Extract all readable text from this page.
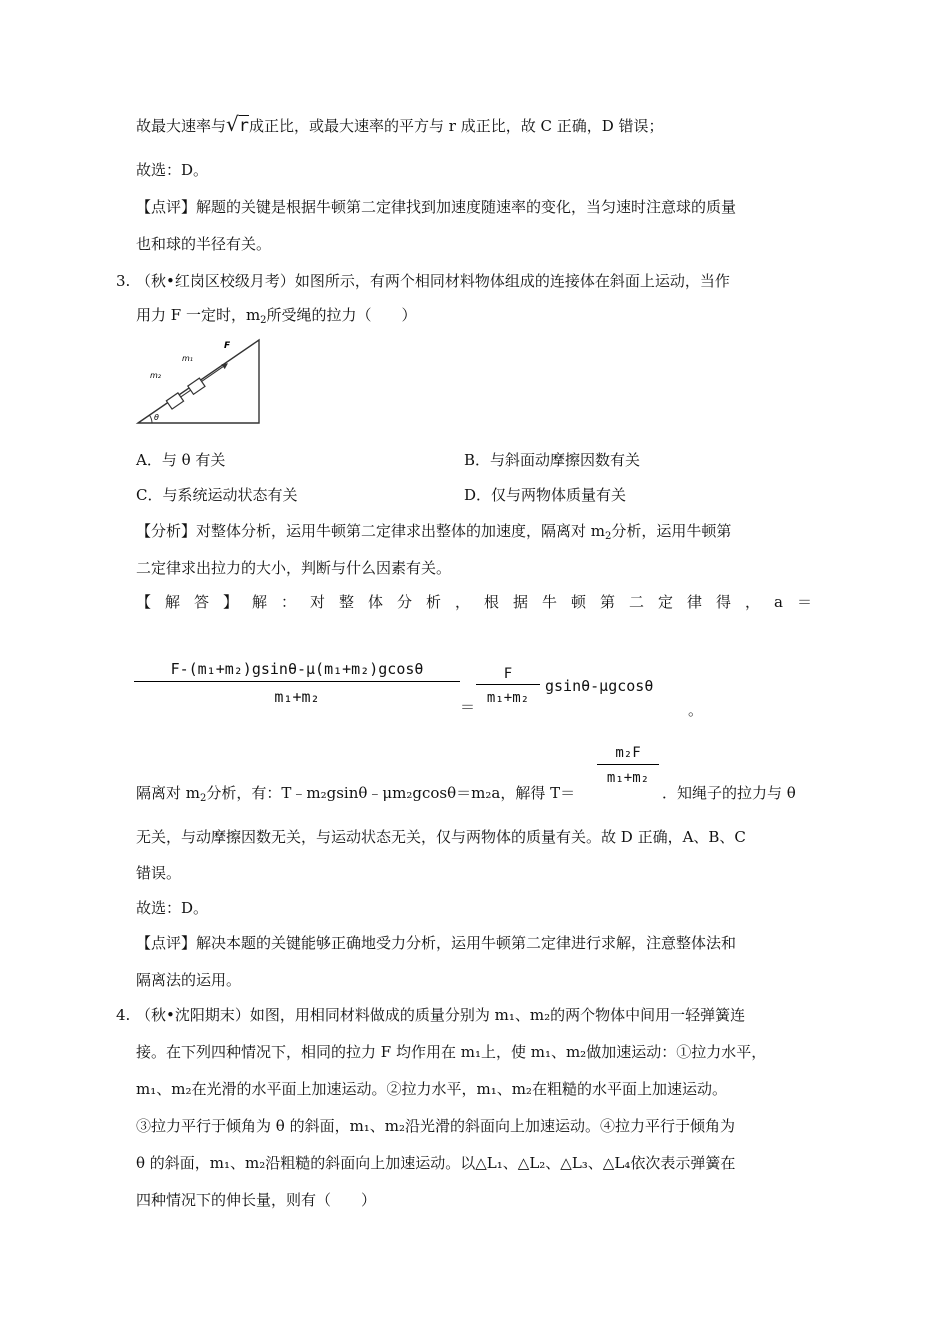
故最大速率与√r成正比，或最大速率的平方与 r 成正比，故 C 正确，D 错误；
故选：D。
【点评】解题的关键是根据牛顿第二定律找到加速度随速率的变化，当匀速时注意球的质量
也和球的半径有关。
3. （秋•红岗区校级月考）如图所示，有两个相同材料物体组成的连接体在斜面上运动，当作
用力 F 一定时，$m_2$所受绳的拉力（　　）
m₂
m₁
F
θ
A．与 θ 有关	B．与斜面动摩擦因数有关
C．与系统运动状态有关	D．仅与两物体质量有关
【分析】对整体分析，运用牛顿第二定律求出整体的加速度，隔离对 $m_2$分析，运用牛顿第
二定律求出拉力的大小，判断与什么因素有关。
【 解 答 】 解 ： 对 整 体 分 析 ， 根 据 牛 顿 第 二 定 律 得 ， a ＝
F-(m₁+m₂)gsinθ-μ(m₁+m₂)gcosθ
m₁+m₂
＝
F
m₁+m₂
gsinθ-μgcosθ
。
隔离对 $m_2$分析，有：T﹣m₂gsinθ﹣μm₂gcosθ＝m₂a，解得 T＝
m₂F
m₁+m₂
．知绳子的拉力与 θ
无关，与动摩擦因数无关，与运动状态无关，仅与两物体的质量有关。故 D 正确，A、B、C
错误。
故选：D。
【点评】解决本题的关键能够正确地受力分析，运用牛顿第二定律进行求解，注意整体法和
隔离法的运用。
4. （秋•沈阳期末）如图，用相同材料做成的质量分别为 m₁、m₂的两个物体中间用一轻弹簧连
接。在下列四种情况下，相同的拉力 F 均作用在 m₁上，使 m₁、m₂做加速运动：①拉力水平，
m₁、m₂在光滑的水平面上加速运动。②拉力水平，m₁、m₂在粗糙的水平面上加速运动。
③拉力平行于倾角为 θ 的斜面，m₁、m₂沿光滑的斜面向上加速运动。④拉力平行于倾角为
θ 的斜面，m₁、m₂沿粗糙的斜面向上加速运动。以△L₁、△L₂、△L₃、△L₄依次表示弹簧在
四种情况下的伸长量，则有（　　）
